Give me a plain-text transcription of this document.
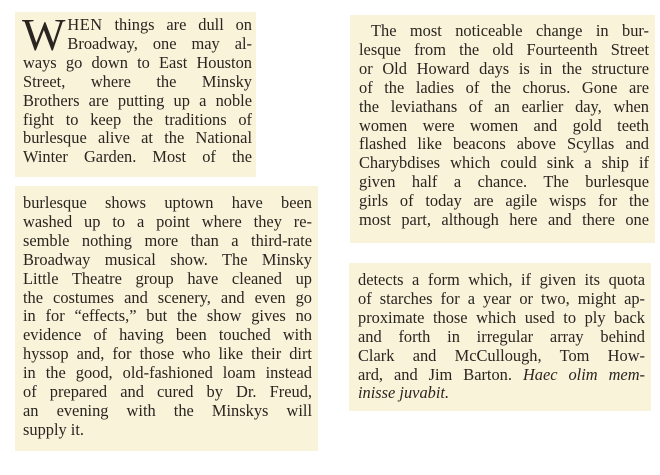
W HEN things are dull on
Broadway, one may al-
ways go down to East Houston
Street, where the Minsky
Brothers are putting up a noble
fight to keep the traditions of
burlesque alive at the National
Winter Garden. Most of the

The most noticeable change in bur-
lesque from the old Fourteenth Street
or Old Howard days is in the structure
of the ladies of the chorus. Gone are
the leviathans of an earlier day, when
women were women and gold teeth
flashed like beacons above Scyllas and
Charybdises which could sink a ship if
given half a chance. The burlesque
girls of today are agile wisps for the
most part, although here and there one

burlesque shows uptown have been
washed up to a point where they re-
semble nothing more than a third-rate
Broadway musical show. The Minsky
Little Theatre group have cleaned up
the costumes and scenery, and even go
in for “effects,” but the show gives no
evidence of having been touched with
hyssop and, for those who like their dirt
in the good, old-fashioned loam instead
of prepared and cured by Dr. Freud,
an evening with the Minskys will
supply it.

detects a form which, if given its quota
of starches for a year or two, might ap-
proximate those which used to ply back
and forth in irregular array behind
Clark and McCullough, Tom How-
ard, and Jim Barton. Haec olim mem-
inisse juvabit.
